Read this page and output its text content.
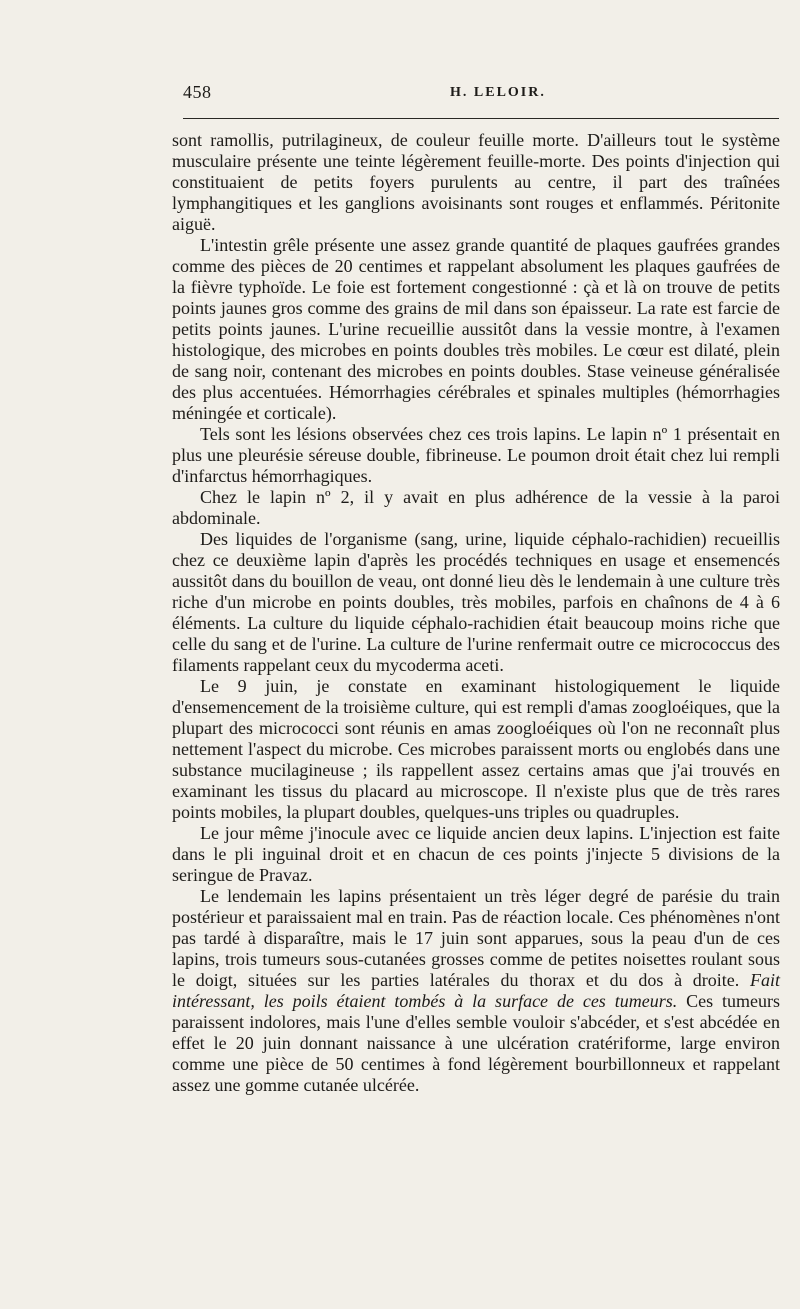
458	H. LELOIR.

sont ramollis, putrilagineux, de couleur feuille morte. D'ailleurs tout le système musculaire présente une teinte légèrement feuille-morte. Des points d'injection qui constituaient de petits foyers purulents au centre, il part des traînées lymphangitiques et les ganglions avoisinants sont rouges et enflammés. Péritonite aiguë.

L'intestin grêle présente une assez grande quantité de plaques gaufrées grandes comme des pièces de 20 centimes et rappelant absolument les plaques gaufrées de la fièvre typhoïde. Le foie est fortement congestionné : çà et là on trouve de petits points jaunes gros comme des grains de mil dans son épaisseur. La rate est farcie de petits points jaunes. L'urine recueillie aussitôt dans la vessie montre, à l'examen histologique, des microbes en points doubles très mobiles. Le cœur est dilaté, plein de sang noir, contenant des microbes en points doubles. Stase veineuse généralisée des plus accentuées. Hémorrhagies cérébrales et spinales multiples (hémorrhagies méningée et corticale).

Tels sont les lésions observées chez ces trois lapins. Le lapin nº 1 présentait en plus une pleurésie séreuse double, fibrineuse. Le poumon droit était chez lui rempli d'infarctus hémorrhagiques.

Chez le lapin nº 2, il y avait en plus adhérence de la vessie à la paroi abdominale.

Des liquides de l'organisme (sang, urine, liquide céphalo-rachidien) recueillis chez ce deuxième lapin d'après les procédés techniques en usage et ensemencés aussitôt dans du bouillon de veau, ont donné lieu dès le lendemain à une culture très riche d'un microbe en points doubles, très mobiles, parfois en chaînons de 4 à 6 éléments. La culture du liquide céphalo-rachidien était beaucoup moins riche que celle du sang et de l'urine. La culture de l'urine renfermait outre ce micrococcus des filaments rappelant ceux du mycoderma aceti.

Le 9 juin, je constate en examinant histologiquement le liquide d'ensemencement de la troisième culture, qui est rempli d'amas zoogloéiques, que la plupart des micrococci sont réunis en amas zoogloéiques où l'on ne reconnaît plus nettement l'aspect du microbe. Ces microbes paraissent morts ou englobés dans une substance mucilagineuse ; ils rappellent assez certains amas que j'ai trouvés en examinant les tissus du placard au microscope. Il n'existe plus que de très rares points mobiles, la plupart doubles, quelques-uns triples ou quadruples.

Le jour même j'inocule avec ce liquide ancien deux lapins. L'injection est faite dans le pli inguinal droit et en chacun de ces points j'injecte 5 divisions de la seringue de Pravaz.

Le lendemain les lapins présentaient un très léger degré de parésie du train postérieur et paraissaient mal en train. Pas de réaction locale. Ces phénomènes n'ont pas tardé à disparaître, mais le 17 juin sont apparues, sous la peau d'un de ces lapins, trois tumeurs sous-cutanées grosses comme de petites noisettes roulant sous le doigt, situées sur les parties latérales du thorax et du dos à droite. Fait intéressant, les poils étaient tombés à la surface de ces tumeurs. Ces tumeurs paraissent indolores, mais l'une d'elles semble vouloir s'abcéder, et s'est abcédée en effet le 20 juin donnant naissance à une ulcération cratériforme, large environ comme une pièce de 50 centimes à fond légèrement bourbillonneux et rappelant assez une gomme cutanée ulcérée.
